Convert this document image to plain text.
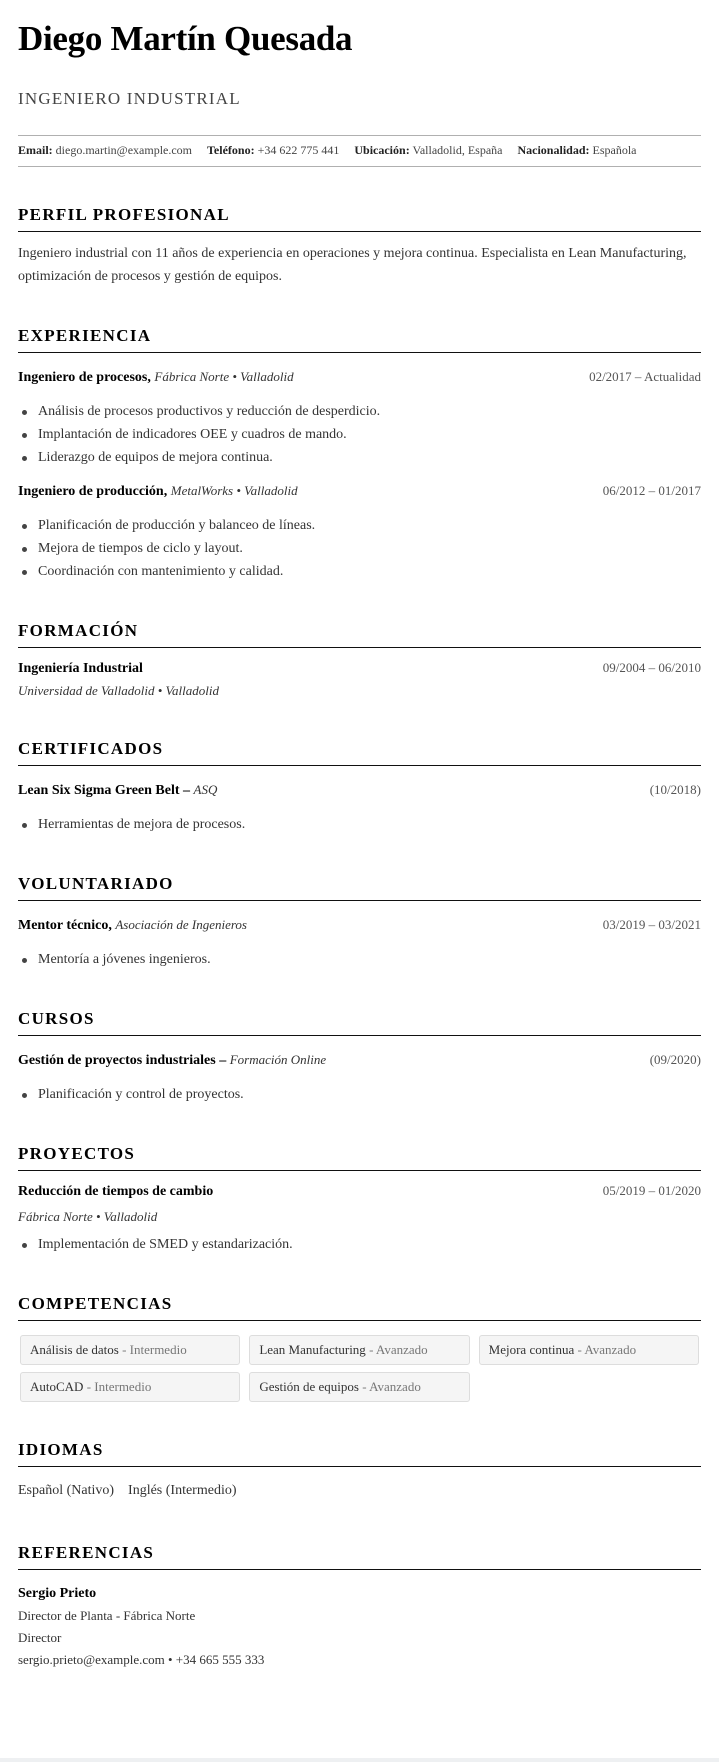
Diego Martín Quesada
INGENIERO INDUSTRIAL
Email: diego.martin@example.com Teléfono: +34 622 775 441 Ubicación: Valladolid, España Nacionalidad: Española
PERFIL PROFESIONAL

Ingeniero industrial con 11 años de experiencia en operaciones y mejora continua. Especialista en Lean Manufacturing, optimización de procesos y gestión de equipos.

EXPERIENCIA
Ingeniero de procesos, Fábrica Norte • Valladolid	02/2017 – Actualidad
Análisis de procesos productivos y reducción de desperdicio.
Implantación de indicadores OEE y cuadros de mando.
Liderazgo de equipos de mejora continua.
Ingeniero de producción, MetalWorks • Valladolid	06/2012 – 01/2017
Planificación de producción y balanceo de líneas.
Mejora de tiempos de ciclo y layout.
Coordinación con mantenimiento y calidad.
FORMACIÓN
Ingeniería Industrial	09/2004 – 06/2010
Universidad de Valladolid • Valladolid
CERTIFICADOS
Lean Six Sigma Green Belt – ASQ	(10/2018)
Herramientas de mejora de procesos.
VOLUNTARIADO
Mentor técnico, Asociación de Ingenieros	03/2019 – 03/2021
Mentoría a jóvenes ingenieros.
CURSOS
Gestión de proyectos industriales – Formación Online	(09/2020)
Planificación y control de proyectos.
PROYECTOS
Reducción de tiempos de cambio	05/2019 – 01/2020
Fábrica Norte • Valladolid
Implementación de SMED y estandarización.
COMPETENCIAS
Análisis de datos - Intermedio	Lean Manufacturing - Avanzado	Mejora continua - Avanzado
AutoCAD - Intermedio	Gestión de equipos - Avanzado
IDIOMAS
Español (Nativo) Inglés (Intermedio)
REFERENCIAS
Sergio Prieto
Director de Planta - Fábrica Norte
Director
sergio.prieto@example.com • +34 665 555 333
